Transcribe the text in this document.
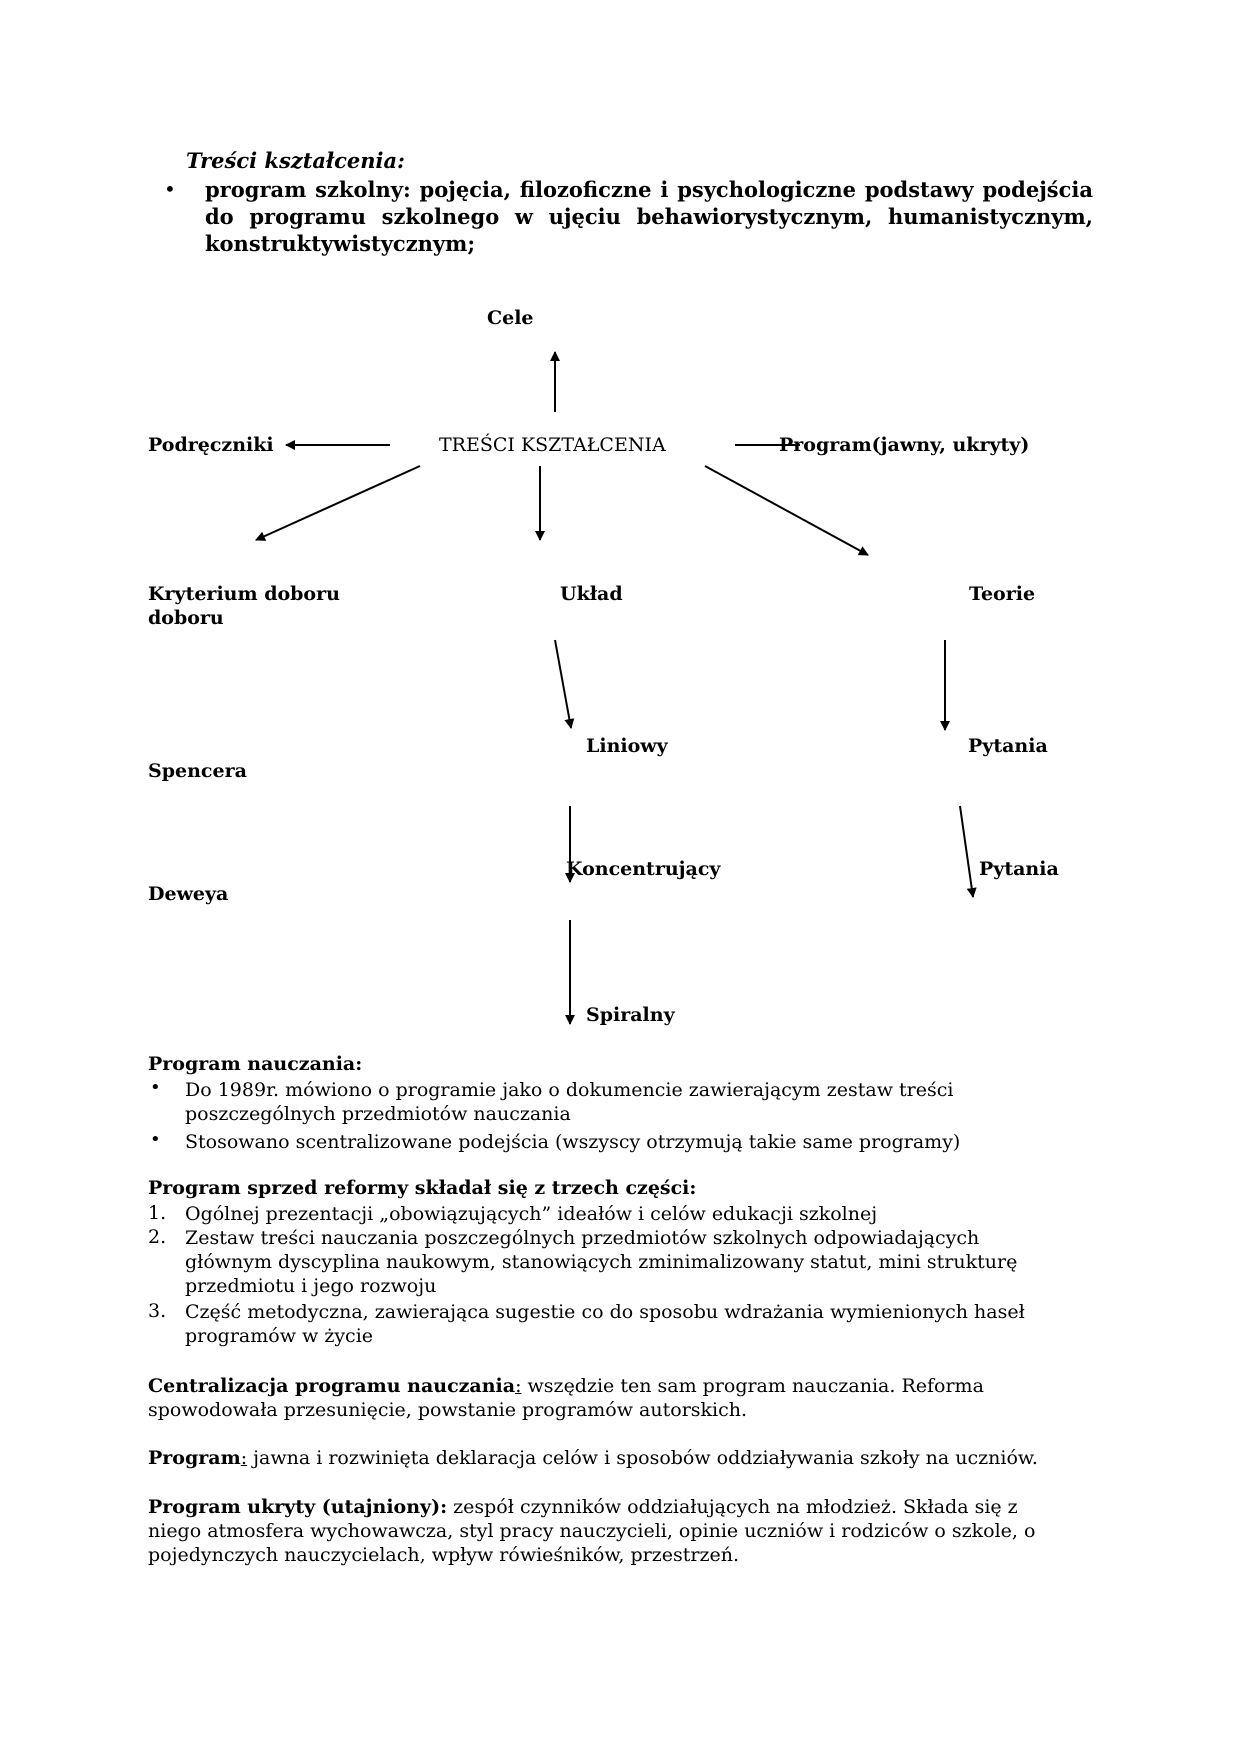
Treści kształcenia:
• program szkolny: pojęcia, filozoficzne i psychologiczne podstawy podejścia do programu szkolnego w ujęciu behawiorystycznym, humanistycznym, konstruktywistycznym;
Cele
Podręczniki	TREŚCI KSZTAŁCENIA	Program(jawny, ukryty)
Kryterium doboru
doboru
Układ	Teorie
Liniowy	Pytania
Spencera
Koncentrujący	Pytania
Deweya
Spiralny
Program nauczania:
• Do 1989r. mówiono o programie jako o dokumencie zawierającym zestaw treści
poszczególnych przedmiotów nauczania
• Stosowano scentralizowane podejścia (wszyscy otrzymują takie same programy)
Program sprzed reformy składał się z trzech części:
1. Ogólnej prezentacji „obowiązujących” ideałów i celów edukacji szkolnej
2. Zestaw treści nauczania poszczególnych przedmiotów szkolnych odpowiadających
głównym dyscyplina naukowym, stanowiących zminimalizowany statut, mini strukturę
przedmiotu i jego rozwoju
3. Część metodyczna, zawierająca sugestie co do sposobu wdrażania wymienionych haseł
programów w życie
Centralizacja programu nauczania: wszędzie ten sam program nauczania. Reforma
spowodowała przesunięcie, powstanie programów autorskich.
Program: jawna i rozwinięta deklaracja celów i sposobów oddziaływania szkoły na uczniów.
Program ukryty (utajniony): zespół czynników oddziałujących na młodzież. Składa się z
niego atmosfera wychowawcza, styl pracy nauczycieli, opinie uczniów i rodziców o szkole, o
pojedynczych nauczycielach, wpływ rówieśników, przestrzeń.
